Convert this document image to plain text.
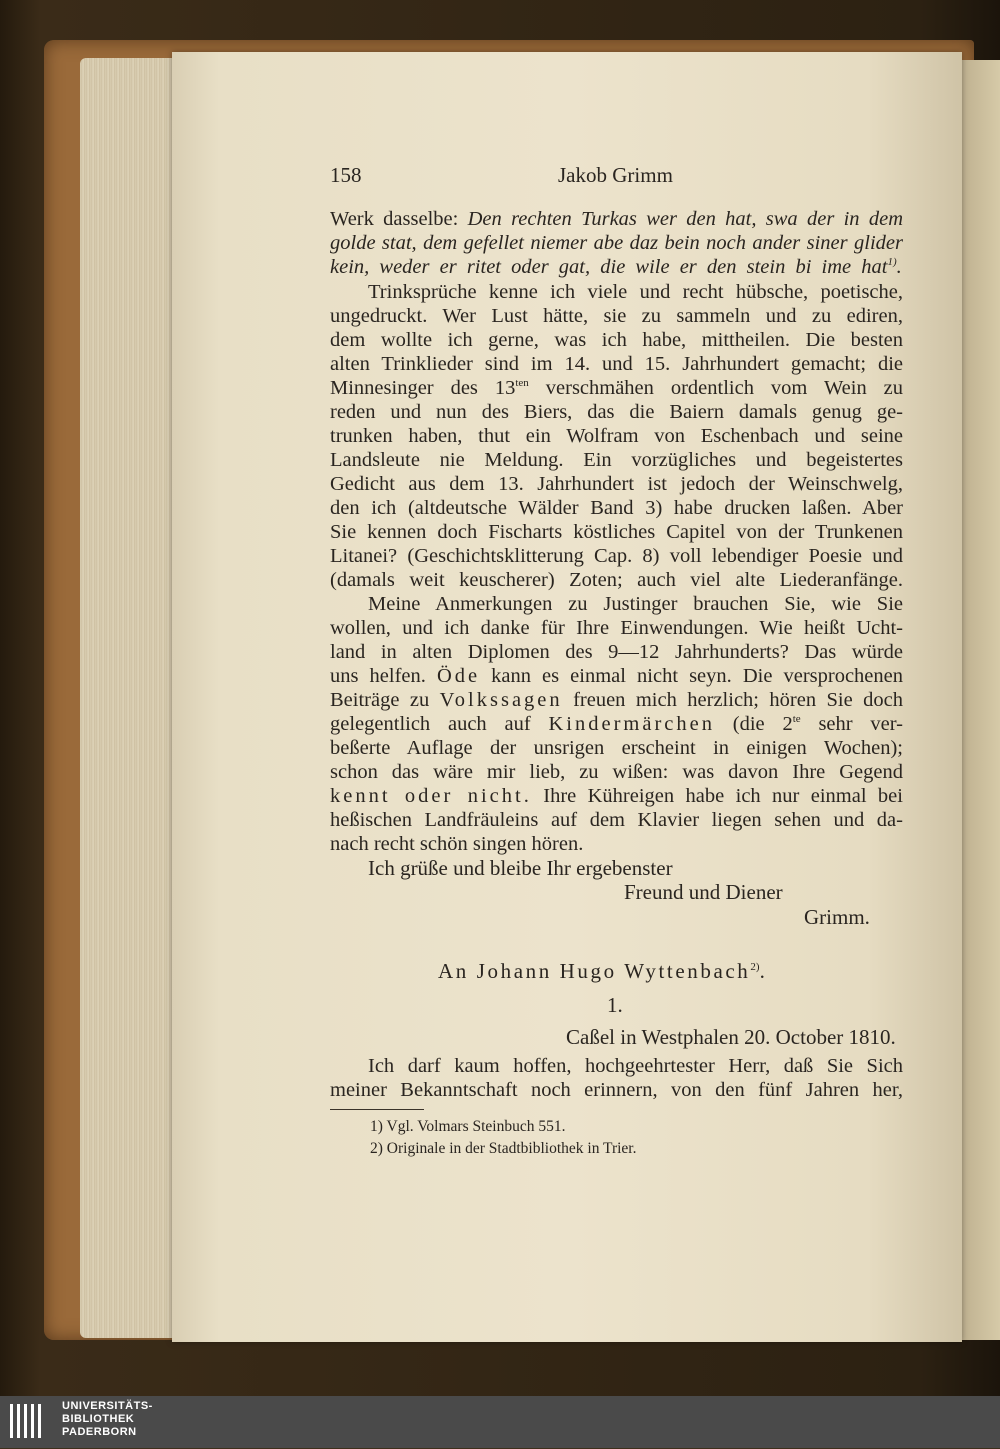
158	Jakob Grimm
Werk dasselbe: Den rechten Turkas wer den hat, swa der in dem
golde stat, dem gefellet niemer abe daz bein noch ander siner glider
kein, weder er ritet oder gat, die wile er den stein bi ime hat$^{1)}$.
Trinksprüche kenne ich viele und recht hübsche, poetische,
ungedruckt. Wer Lust hätte, sie zu sammeln und zu ediren,
dem wollte ich gerne, was ich habe, mittheilen. Die besten
alten Trinklieder sind im 14. und 15. Jahrhundert gemacht; die
Minnesinger des $13^{ten}$ verschmähen ordentlich vom Wein zu
reden und nun des Biers, das die Baiern damals genug ge-
trunken haben, thut ein Wolfram von Eschenbach und seine
Landsleute nie Meldung. Ein vorzügliches und begeistertes
Gedicht aus dem 13. Jahrhundert ist jedoch der Weinschwelg,
den ich (altdeutsche Wälder Band 3) habe drucken laßen. Aber
Sie kennen doch Fischarts köstliches Capitel von der Trunkenen
Litanei? (Geschichtsklitterung Cap. 8) voll lebendiger Poesie und
(damals weit keuscherer) Zoten; auch viel alte Liederanfänge.
Meine Anmerkungen zu Justinger brauchen Sie, wie Sie
wollen, und ich danke für Ihre Einwendungen. Wie heißt Ucht-
land in alten Diplomen des 9—12 Jahrhunderts? Das würde
uns helfen. Öde kann es einmal nicht seyn. Die versprochenen
Beiträge zu Volkssagen freuen mich herzlich; hören Sie doch
gelegentlich auch auf Kindermärchen (die $2^{te}$ sehr ver-
beßerte Auflage der unsrigen erscheint in einigen Wochen);
schon das wäre mir lieb, zu wißen: was davon Ihre Gegend
kennt oder nicht. Ihre Kühreigen habe ich nur einmal bei
heßischen Landfräuleins auf dem Klavier liegen sehen und da-
nach recht schön singen hören.
Ich grüße und bleibe Ihr ergebenster
Freund und Diener
Grimm.
An Johann Hugo Wyttenbach$^{2)}$.
1.
Caßel in Westphalen 20. October 1810.
Ich darf kaum hoffen, hochgeehrtester Herr, daß Sie Sich
meiner Bekanntschaft noch erinnern, von den fünf Jahren her,
1) Vgl. Volmars Steinbuch 551.
2) Originale in der Stadtbibliothek in Trier.
UNIVERSITÄTS-
BIBLIOTHEK
PADERBORN
